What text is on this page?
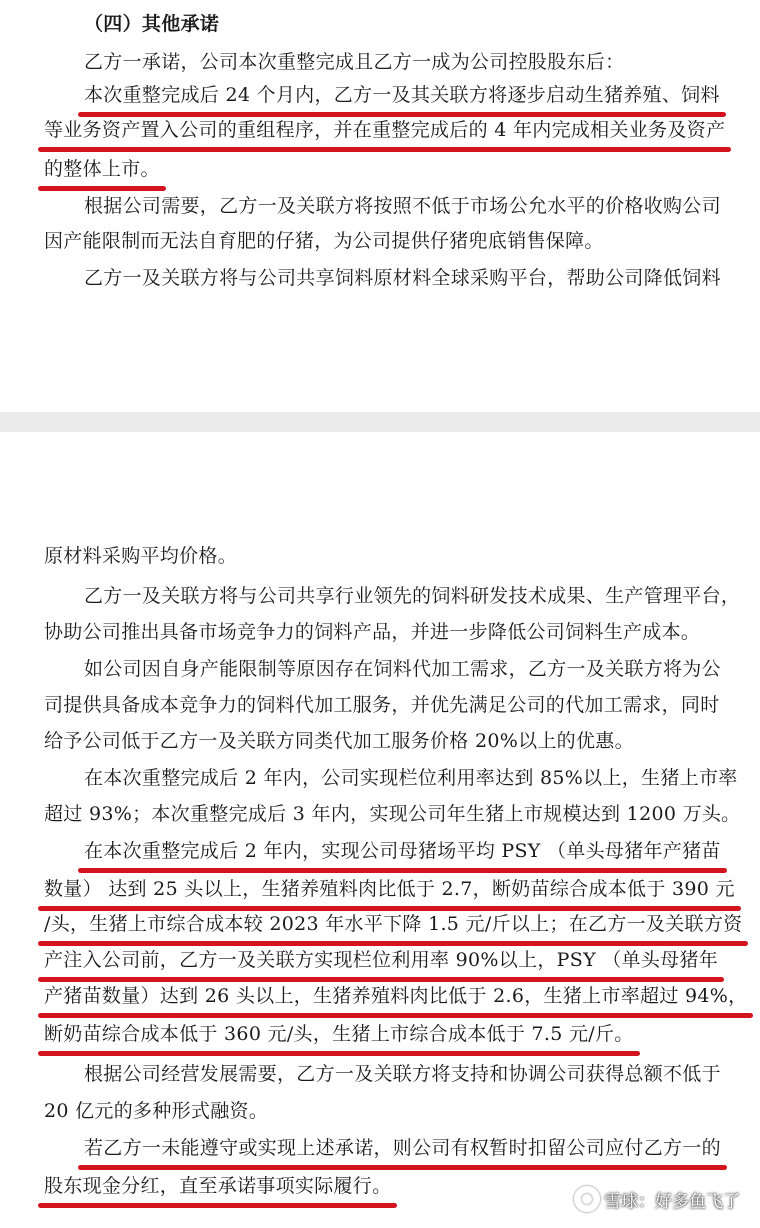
（四）其他承诺
乙方一承诺，公司本次重整完成且乙方一成为公司控股股东后：
本次重整完成后 24 个月内，乙方一及其关联方将逐步启动生猪养殖、饲料
等业务资产置入公司的重组程序，并在重整完成后的 4 年内完成相关业务及资产
的整体上市。
根据公司需要，乙方一及关联方将按照不低于市场公允水平的价格收购公司
因产能限制而无法自育肥的仔猪，为公司提供仔猪兜底销售保障。
乙方一及关联方将与公司共享饲料原材料全球采购平台，帮助公司降低饲料
原材料采购平均价格。
乙方一及关联方将与公司共享行业领先的饲料研发技术成果、生产管理平台，
协助公司推出具备市场竞争力的饲料产品，并进一步降低公司饲料生产成本。
如公司因自身产能限制等原因存在饲料代加工需求，乙方一及关联方将为公
司提供具备成本竞争力的饲料代加工服务，并优先满足公司的代加工需求，同时
给予公司低于乙方一及关联方同类代加工服务价格 20%以上的优惠。
在本次重整完成后 2 年内，公司实现栏位利用率达到 85%以上，生猪上市率
超过 93%；本次重整完成后 3 年内，实现公司年生猪上市规模达到 1200 万头。
在本次重整完成后 2 年内，实现公司母猪场平均 PSY （单头母猪年产猪苗
数量） 达到 25 头以上，生猪养殖料肉比低于 2.7，断奶苗综合成本低于 390 元
/头，生猪上市综合成本较 2023 年水平下降 1.5 元/斤以上；在乙方一及关联方资
产注入公司前，乙方一及关联方实现栏位利用率 90%以上，PSY （单头母猪年
产猪苗数量）达到 26 头以上，生猪养殖料肉比低于 2.6，生猪上市率超过 94%，
断奶苗综合成本低于 360 元/头，生猪上市综合成本低于 7.5 元/斤。
根据公司经营发展需要，乙方一及关联方将支持和协调公司获得总额不低于
20 亿元的多种形式融资。
若乙方一未能遵守或实现上述承诺，则公司有权暂时扣留公司应付乙方一的
股东现金分红，直至承诺事项实际履行。
雪球：好多鱼飞了
